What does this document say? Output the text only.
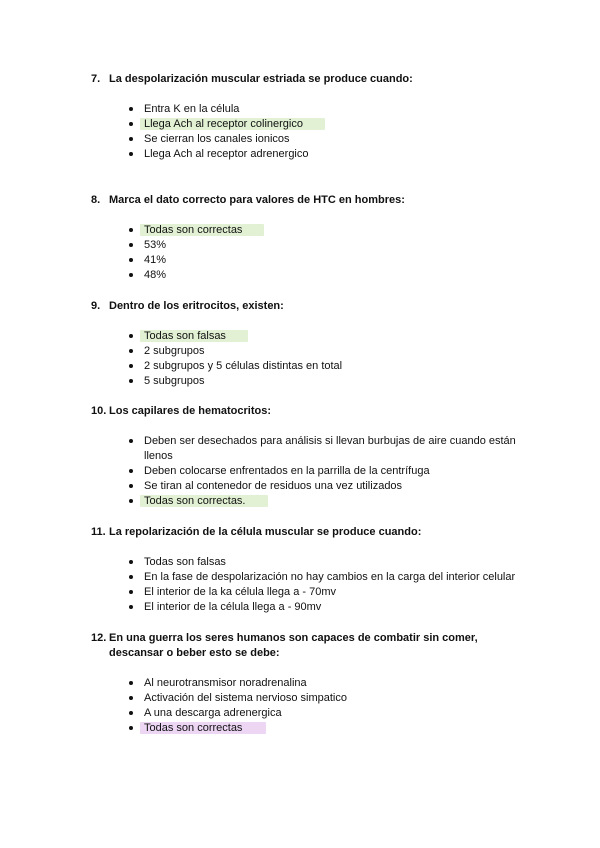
7. La despolarización muscular estriada se produce cuando:
Entra K en la célula
Llega Ach al receptor colinergico
Se cierran los canales ionicos
Llega Ach al receptor adrenergico
8. Marca el dato correcto para valores de HTC en hombres:
Todas son correctas
53%
41%
48%
9. Dentro de los eritrocitos, existen:
Todas son falsas
2 subgrupos
2 subgrupos y 5 células distintas en total
5 subgrupos
10. Los capilares de hematocritos:
Deben ser desechados para análisis si llevan burbujas de aire cuando están llenos
Deben colocarse enfrentados en la parrilla de la centrífuga
Se tiran al contenedor de residuos una vez utilizados
Todas son correctas.
11. La repolarización de la célula muscular se produce cuando:
Todas son falsas
En la fase de despolarización no hay cambios en la carga del interior celular
El interior de la ka célula llega a - 70mv
El interior de la célula llega a - 90mv
12. En una guerra los seres humanos son capaces de combatir sin comer, descansar o beber esto se debe:
Al neurotransmisor noradrenalina
Activación del sistema nervioso simpatico
A una descarga adrenergica
Todas son correctas
